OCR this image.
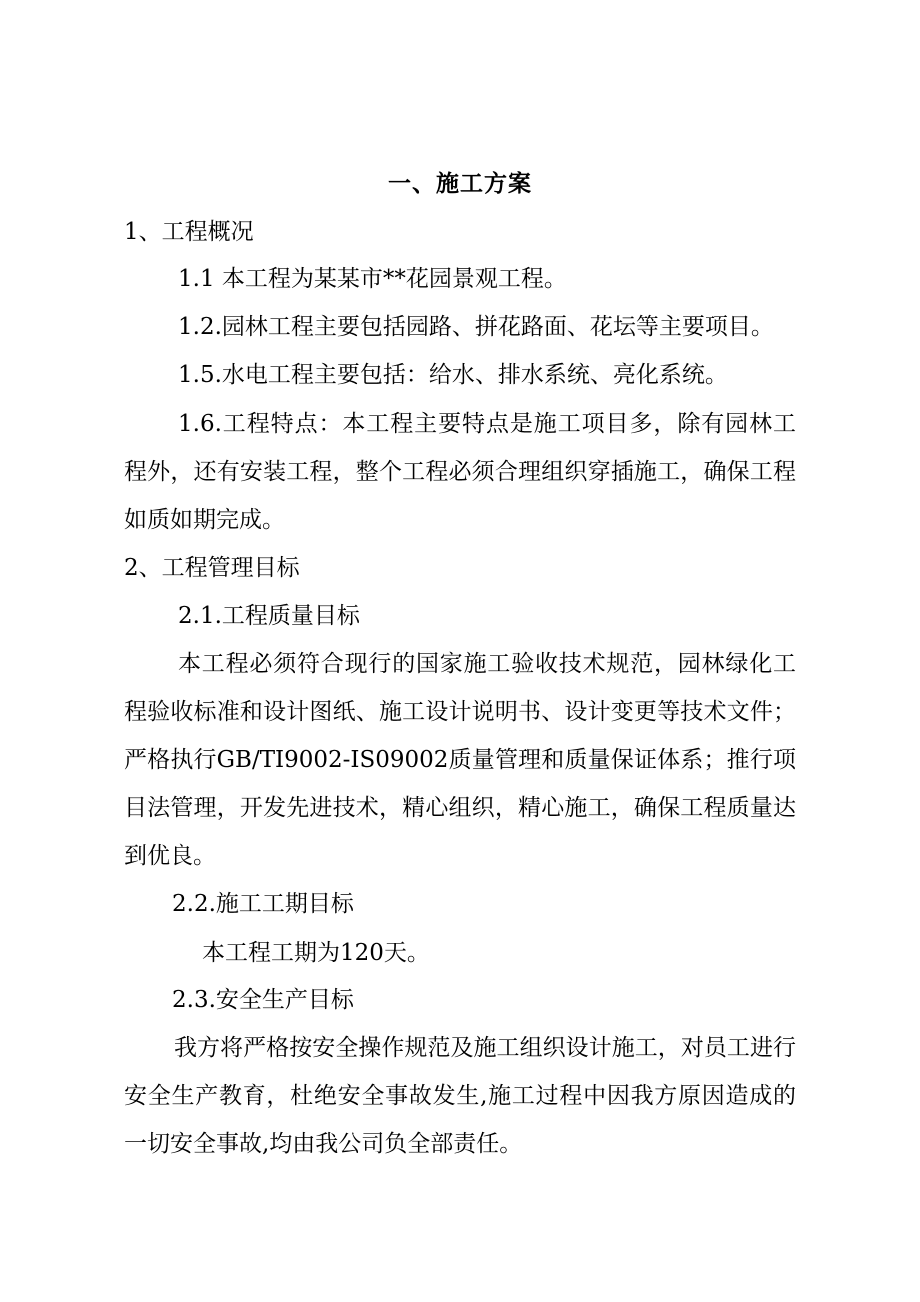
一、施工方案
1、工程概况
1.1 本工程为某某市**花园景观工程。
1.2.园林工程主要包括园路、拼花路面、花坛等主要项目。
1.5.水电工程主要包括：给水、排水系统、亮化系统。
1.6.工程特点：本工程主要特点是施工项目多，除有园林工程外，还有安装工程，整个工程必须合理组织穿插施工，确保工程如质如期完成。
2、工程管理目标
2.1.工程质量目标
本工程必须符合现行的国家施工验收技术规范，园林绿化工程验收标准和设计图纸、施工设计说明书、设计变更等技术文件；严格执行GB/TI9002-IS09002质量管理和质量保证体系；推行项目法管理，开发先进技术，精心组织，精心施工，确保工程质量达到优良。
2.2.施工工期目标
本工程工期为120天。
2.3.安全生产目标
我方将严格按安全操作规范及施工组织设计施工，对员工进行安全生产教育，杜绝安全事故发生,施工过程中因我方原因造成的一切安全事故,均由我公司负全部责任。
